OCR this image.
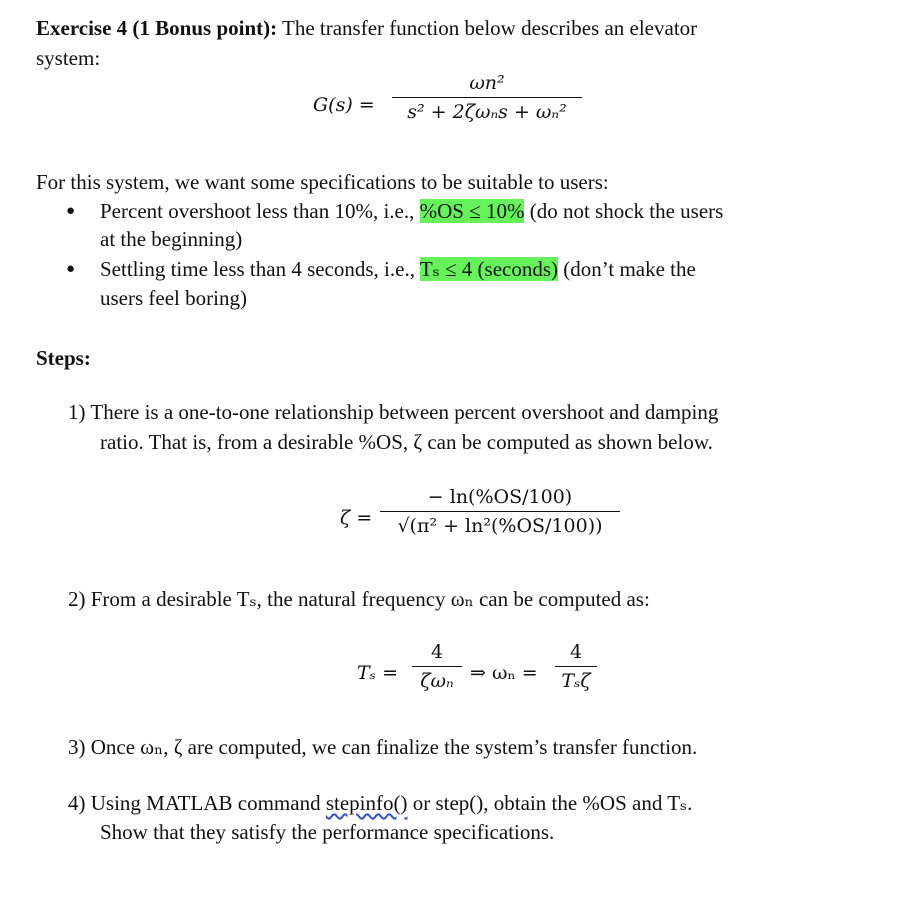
Exercise 4 (1 Bonus point): The transfer function below describes an elevator
system:
G(s) =
ωn²
s² + 2ζωₙs + ωₙ²
For this system, we want some specifications to be suitable to users:
● Percent overshoot less than 10%, i.e., %OS ≤ 10% (do not shock the users
at the beginning)
● Settling time less than 4 seconds, i.e., Tₛ ≤ 4 (seconds) (don’t make the
users feel boring)
Steps:
1) There is a one-to-one relationship between percent overshoot and damping
ratio. That is, from a desirable %OS, ζ can be computed as shown below.
ζ =
− ln(%OS/100)
√(π² + ln²(%OS/100))
2) From a desirable Tₛ, the natural frequency ωₙ can be computed as:
Tₛ =
4
ζωₙ ⇒ ωₙ =
4
Tₛζ
3) Once ωₙ, ζ are computed, we can finalize the system’s transfer function.
4) Using MATLAB command stepinfo() or step(), obtain the %OS and Tₛ.
Show that they satisfy the performance specifications.
